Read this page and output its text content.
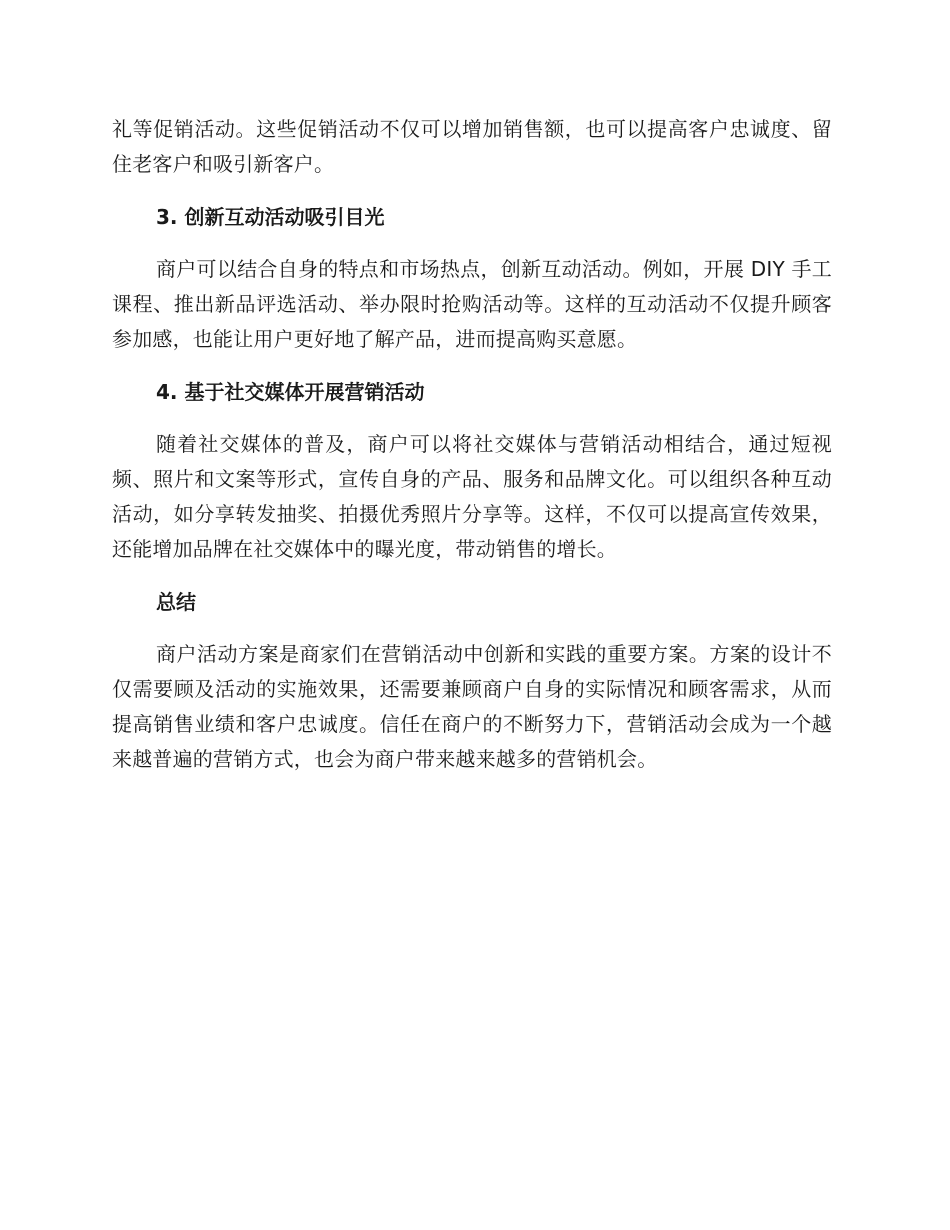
礼等促销活动。这些促销活动不仅可以增加销售额，也可以提高客户忠诚度、留住老客户和吸引新客户。

3. 创新互动活动吸引目光

商户可以结合自身的特点和市场热点，创新互动活动。例如，开展 DIY 手工课程、推出新品评选活动、举办限时抢购活动等。这样的互动活动不仅提升顾客参加感，也能让用户更好地了解产品，进而提高购买意愿。

4. 基于社交媒体开展营销活动

随着社交媒体的普及，商户可以将社交媒体与营销活动相结合，通过短视频、照片和文案等形式，宣传自身的产品、服务和品牌文化。可以组织各种互动活动，如分享转发抽奖、拍摄优秀照片分享等。这样，不仅可以提高宣传效果，还能增加品牌在社交媒体中的曝光度，带动销售的增长。

总结

商户活动方案是商家们在营销活动中创新和实践的重要方案。方案的设计不仅需要顾及活动的实施效果，还需要兼顾商户自身的实际情况和顾客需求，从而提高销售业绩和客户忠诚度。信任在商户的不断努力下，营销活动会成为一个越来越普遍的营销方式，也会为商户带来越来越多的营销机会。
